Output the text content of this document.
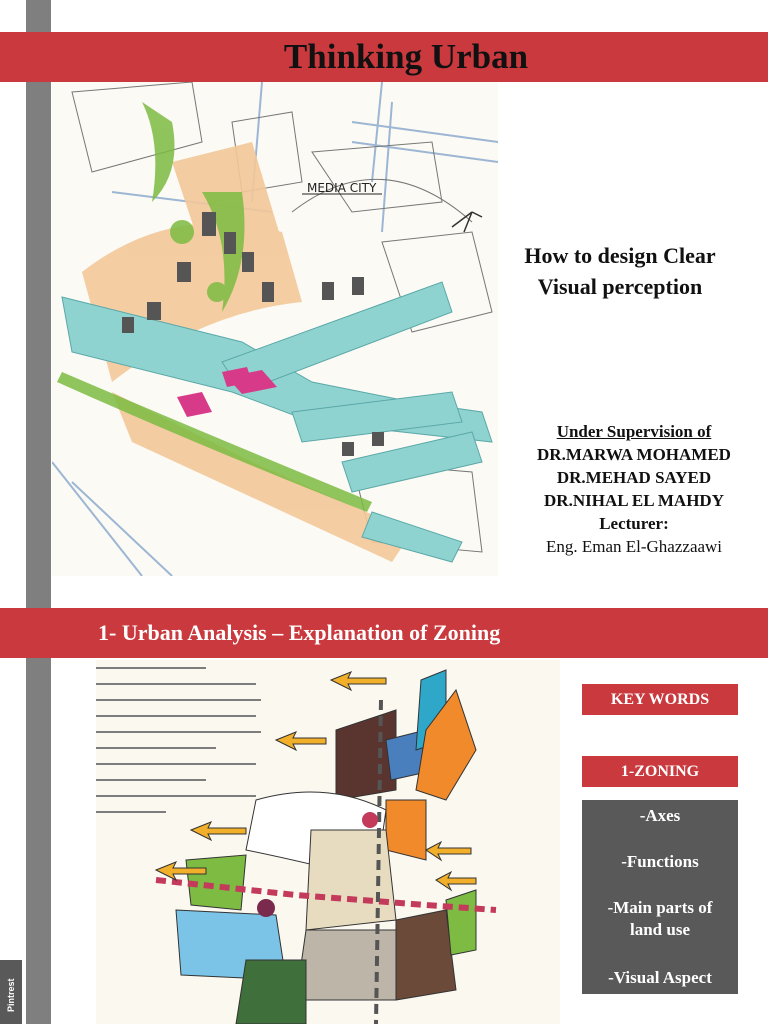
Thinking Urban
MEDIA CITY
How to design Clear
Visual perception
Under Supervision of
DR.MARWA MOHAMED
DR.MEHAD SAYED
DR.NIHAL EL MAHDY
Lecturer:
Eng. Eman El-Ghazzaawi
1- Urban Analysis – Explanation of Zoning
KEY WORDS
1-ZONING
-Axes
-Functions
-Main parts of
land use
-Visual Aspect
Pintrest
